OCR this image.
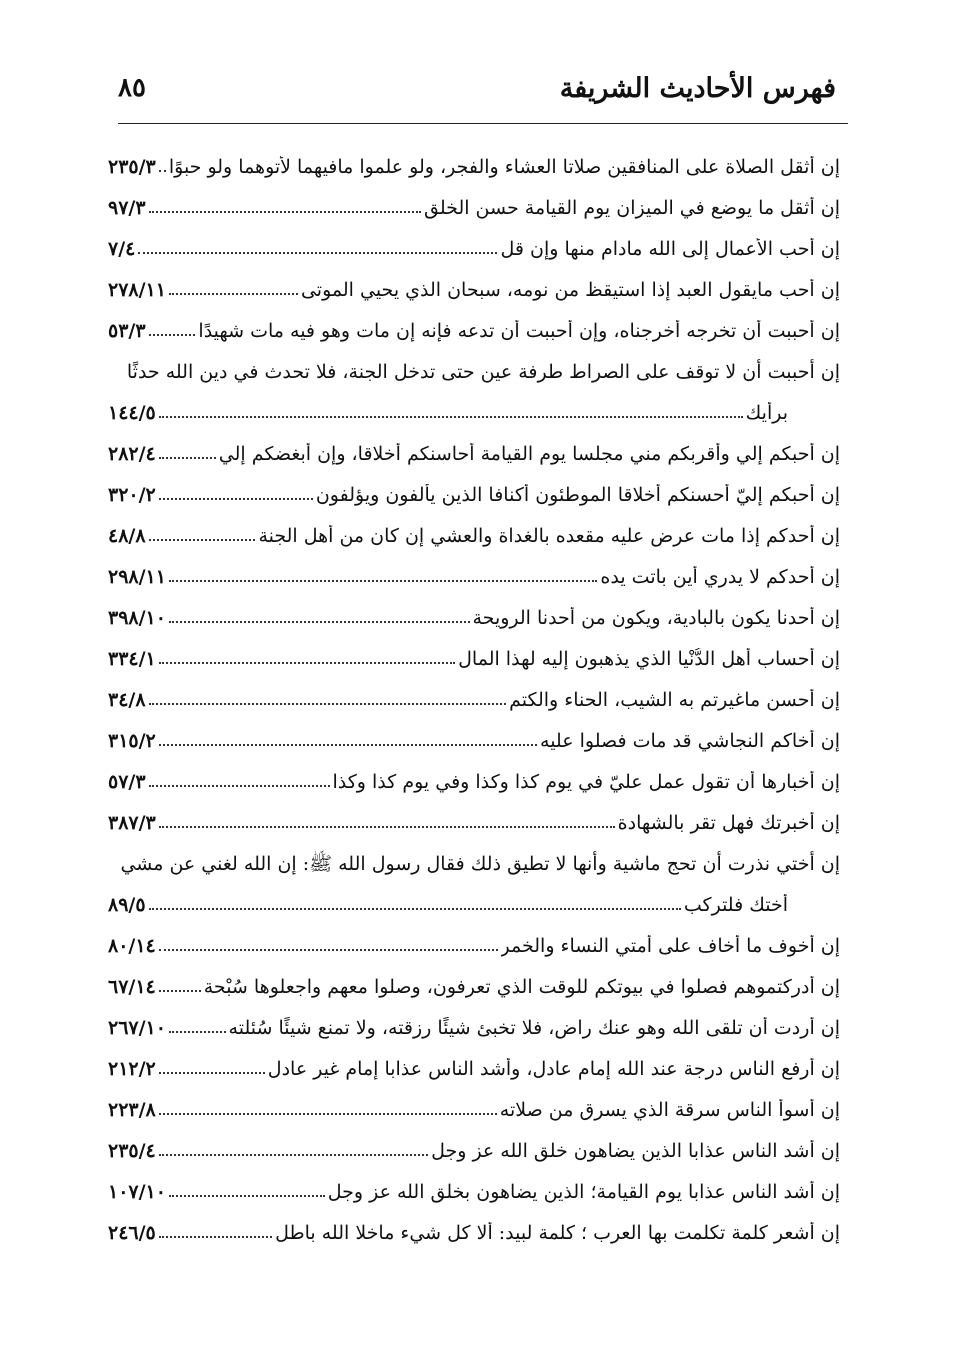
فهرس الأحاديث الشريفة
٨٥
إن أثقل الصلاة على المنافقين صلاتا العشاء والفجر، ولو علموا مافيهما لأتوهما ولو حبوًا
٢٣٥/٣
إن أثقل ما يوضع في الميزان يوم القيامة حسن الخلق
٩٧/٣
إن أحب الأعمال إلى الله مادام منها وإن قل
٧/٤
إن أحب مايقول العبد إذا استيقظ من نومه، سبحان الذي يحيي الموتى
٢٧٨/١١
إن أحببت أن تخرجه أخرجناه، وإن أحببت أن تدعه فإنه إن مات وهو فيه مات شهيدًا
٥٣/٣
إن أحببت أن لا توقف على الصراط طرفة عين حتى تدخل الجنة، فلا تحدث في دين الله حدثًا
برأيك
١٤٤/٥
إن أحبكم إلي وأقربكم مني مجلسا يوم القيامة أحاسنكم أخلاقا، وإن أبغضكم إلي
٢٨٢/٤
إن أحبكم إليّ أحسنكم أخلاقا الموطئون أكنافا الذين يألفون ويؤلفون
٣٢٠/٢
إن أحدكم إذا مات عرض عليه مقعده بالغداة والعشي إن كان من أهل الجنة
٤٨/٨
إن أحدكم لا يدري أين باتت يده
٢٩٨/١١
إن أحدنا يكون بالبادية، ويكون من أحدنا الرويحة
٣٩٨/١٠
إن أحساب أهل الدُّنْيا الذي يذهبون إليه لهذا المال
٣٣٤/١
إن أحسن ماغيرتم به الشيب، الحناء والكتم
٣٤/٨
إن أخاكم النجاشي قد مات فصلوا عليه
٣١٥/٢
إن أخبارها أن تقول عمل عليّ في يوم كذا وكذا وفي يوم كذا وكذا
٥٧/٣
إن أخبرتك فهل تقر بالشهادة
٣٨٧/٣
إن أختي نذرت أن تحج ماشية وأنها لا تطيق ذلك فقال رسول الله ﷺ: إن الله لغني عن مشي
أختك فلتركب
٨٩/٥
إن أخوف ما أخاف على أمتي النساء والخمر
٨٠/١٤
إن أدركتموهم فصلوا في بيوتكم للوقت الذي تعرفون، وصلوا معهم واجعلوها سُبْحة
٦٧/١٤
إن أردت أن تلقى الله وهو عنك راض، فلا تخبئ شيئًا رزقته، ولا تمنع شيئًا سُئلته
٢٦٧/١٠
إن أرفع الناس درجة عند الله إمام عادل، وأشد الناس عذابا إمام غير عادل
٢١٢/٢
إن أسوأ الناس سرقة الذي يسرق من صلاته
٢٢٣/٨
إن أشد الناس عذابا الذين يضاهون خلق الله عز وجل
٢٣٥/٤
إن أشد الناس عذابا يوم القيامة؛ الذين يضاهون بخلق الله عز وجل
١٠٧/١٠
إن أشعر كلمة تكلمت بها العرب ؛ كلمة لبيد: ألا كل شيء ماخلا الله باطل
٢٤٦/٥
